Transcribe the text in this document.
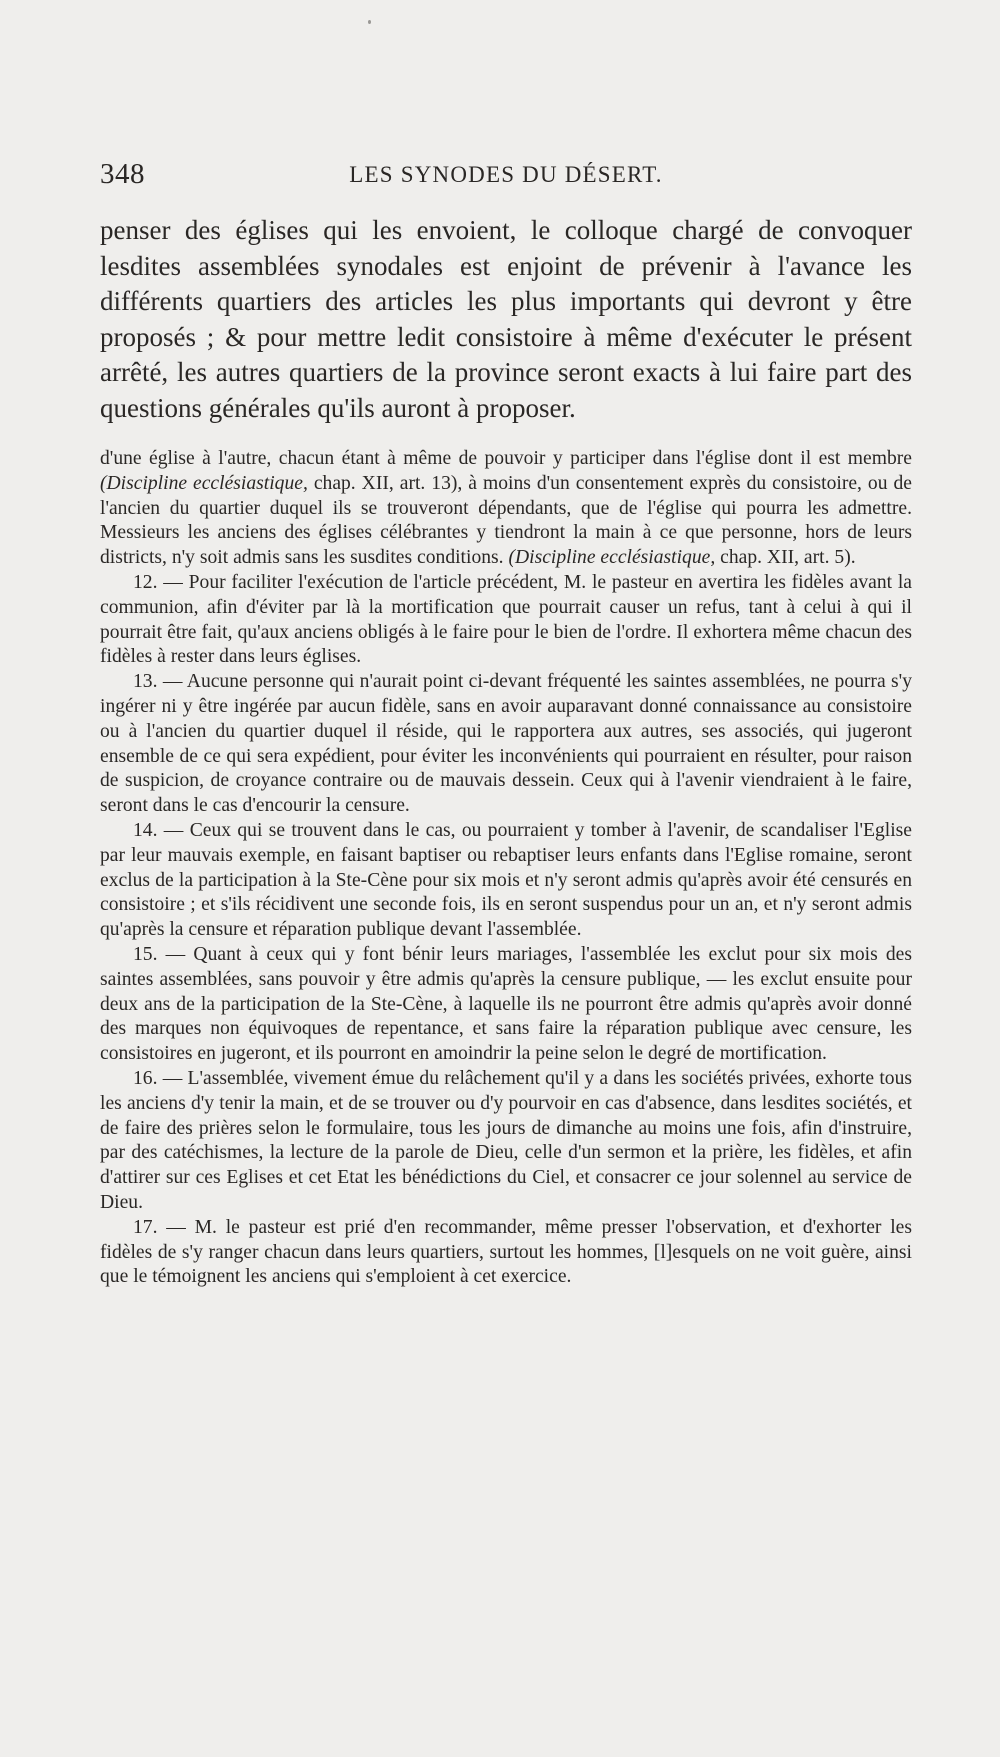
348	LES SYNODES DU DÉSERT.

penser des églises qui les envoient, le colloque chargé de convoquer lesdites assemblées synodales est enjoint de prévenir à l'avance les différents quartiers des articles les plus importants qui devront y être proposés ; & pour mettre ledit consistoire à même d'exécuter le présent arrêté, les autres quartiers de la province seront exacts à lui faire part des questions générales qu'ils auront à proposer.

d'une église à l'autre, chacun étant à même de pouvoir y participer dans l'église dont il est membre (Discipline ecclésiastique, chap. XII, art. 13), à moins d'un consentement exprès du consistoire, ou de l'ancien du quartier duquel ils se trouveront dépendants, que de l'église qui pourra les admettre. Messieurs les anciens des églises célébrantes y tiendront la main à ce que personne, hors de leurs districts, n'y soit admis sans les susdites conditions. (Discipline ecclésiastique, chap. XII, art. 5).

12. — Pour faciliter l'exécution de l'article précédent, M. le pasteur en avertira les fidèles avant la communion, afin d'éviter par là la mortification que pourrait causer un refus, tant à celui à qui il pourrait être fait, qu'aux anciens obligés à le faire pour le bien de l'ordre. Il exhortera même chacun des fidèles à rester dans leurs églises.

13. — Aucune personne qui n'aurait point ci-devant fréquenté les saintes assemblées, ne pourra s'y ingérer ni y être ingérée par aucun fidèle, sans en avoir auparavant donné connaissance au consistoire ou à l'ancien du quartier duquel il réside, qui le rapportera aux autres, ses associés, qui jugeront ensemble de ce qui sera expédient, pour éviter les inconvénients qui pourraient en résulter, pour raison de suspicion, de croyance contraire ou de mauvais dessein. Ceux qui à l'avenir viendraient à le faire, seront dans le cas d'encourir la censure.

14. — Ceux qui se trouvent dans le cas, ou pourraient y tomber à l'avenir, de scandaliser l'Eglise par leur mauvais exemple, en faisant baptiser ou rebaptiser leurs enfants dans l'Eglise romaine, seront exclus de la participation à la Ste-Cène pour six mois et n'y seront admis qu'après avoir été censurés en consistoire ; et s'ils récidivent une seconde fois, ils en seront suspendus pour un an, et n'y seront admis qu'après la censure et réparation publique devant l'assemblée.

15. — Quant à ceux qui y font bénir leurs mariages, l'assemblée les exclut pour six mois des saintes assemblées, sans pouvoir y être admis qu'après la censure publique, — les exclut ensuite pour deux ans de la participation de la Ste-Cène, à laquelle ils ne pourront être admis qu'après avoir donné des marques non équivoques de repentance, et sans faire la réparation publique avec censure, les consistoires en jugeront, et ils pourront en amoindrir la peine selon le degré de mortification.

16. — L'assemblée, vivement émue du relâchement qu'il y a dans les sociétés privées, exhorte tous les anciens d'y tenir la main, et de se trouver ou d'y pourvoir en cas d'absence, dans lesdites sociétés, et de faire des prières selon le formulaire, tous les jours de dimanche au moins une fois, afin d'instruire, par des catéchismes, la lecture de la parole de Dieu, celle d'un sermon et la prière, les fidèles, et afin d'attirer sur ces Eglises et cet Etat les bénédictions du Ciel, et consacrer ce jour solennel au service de Dieu.

17. — M. le pasteur est prié d'en recommander, même presser l'observation, et d'exhorter les fidèles de s'y ranger chacun dans leurs quartiers, surtout les hommes, [l]esquels on ne voit guère, ainsi que le témoignent les anciens qui s'emploient à cet exercice.
